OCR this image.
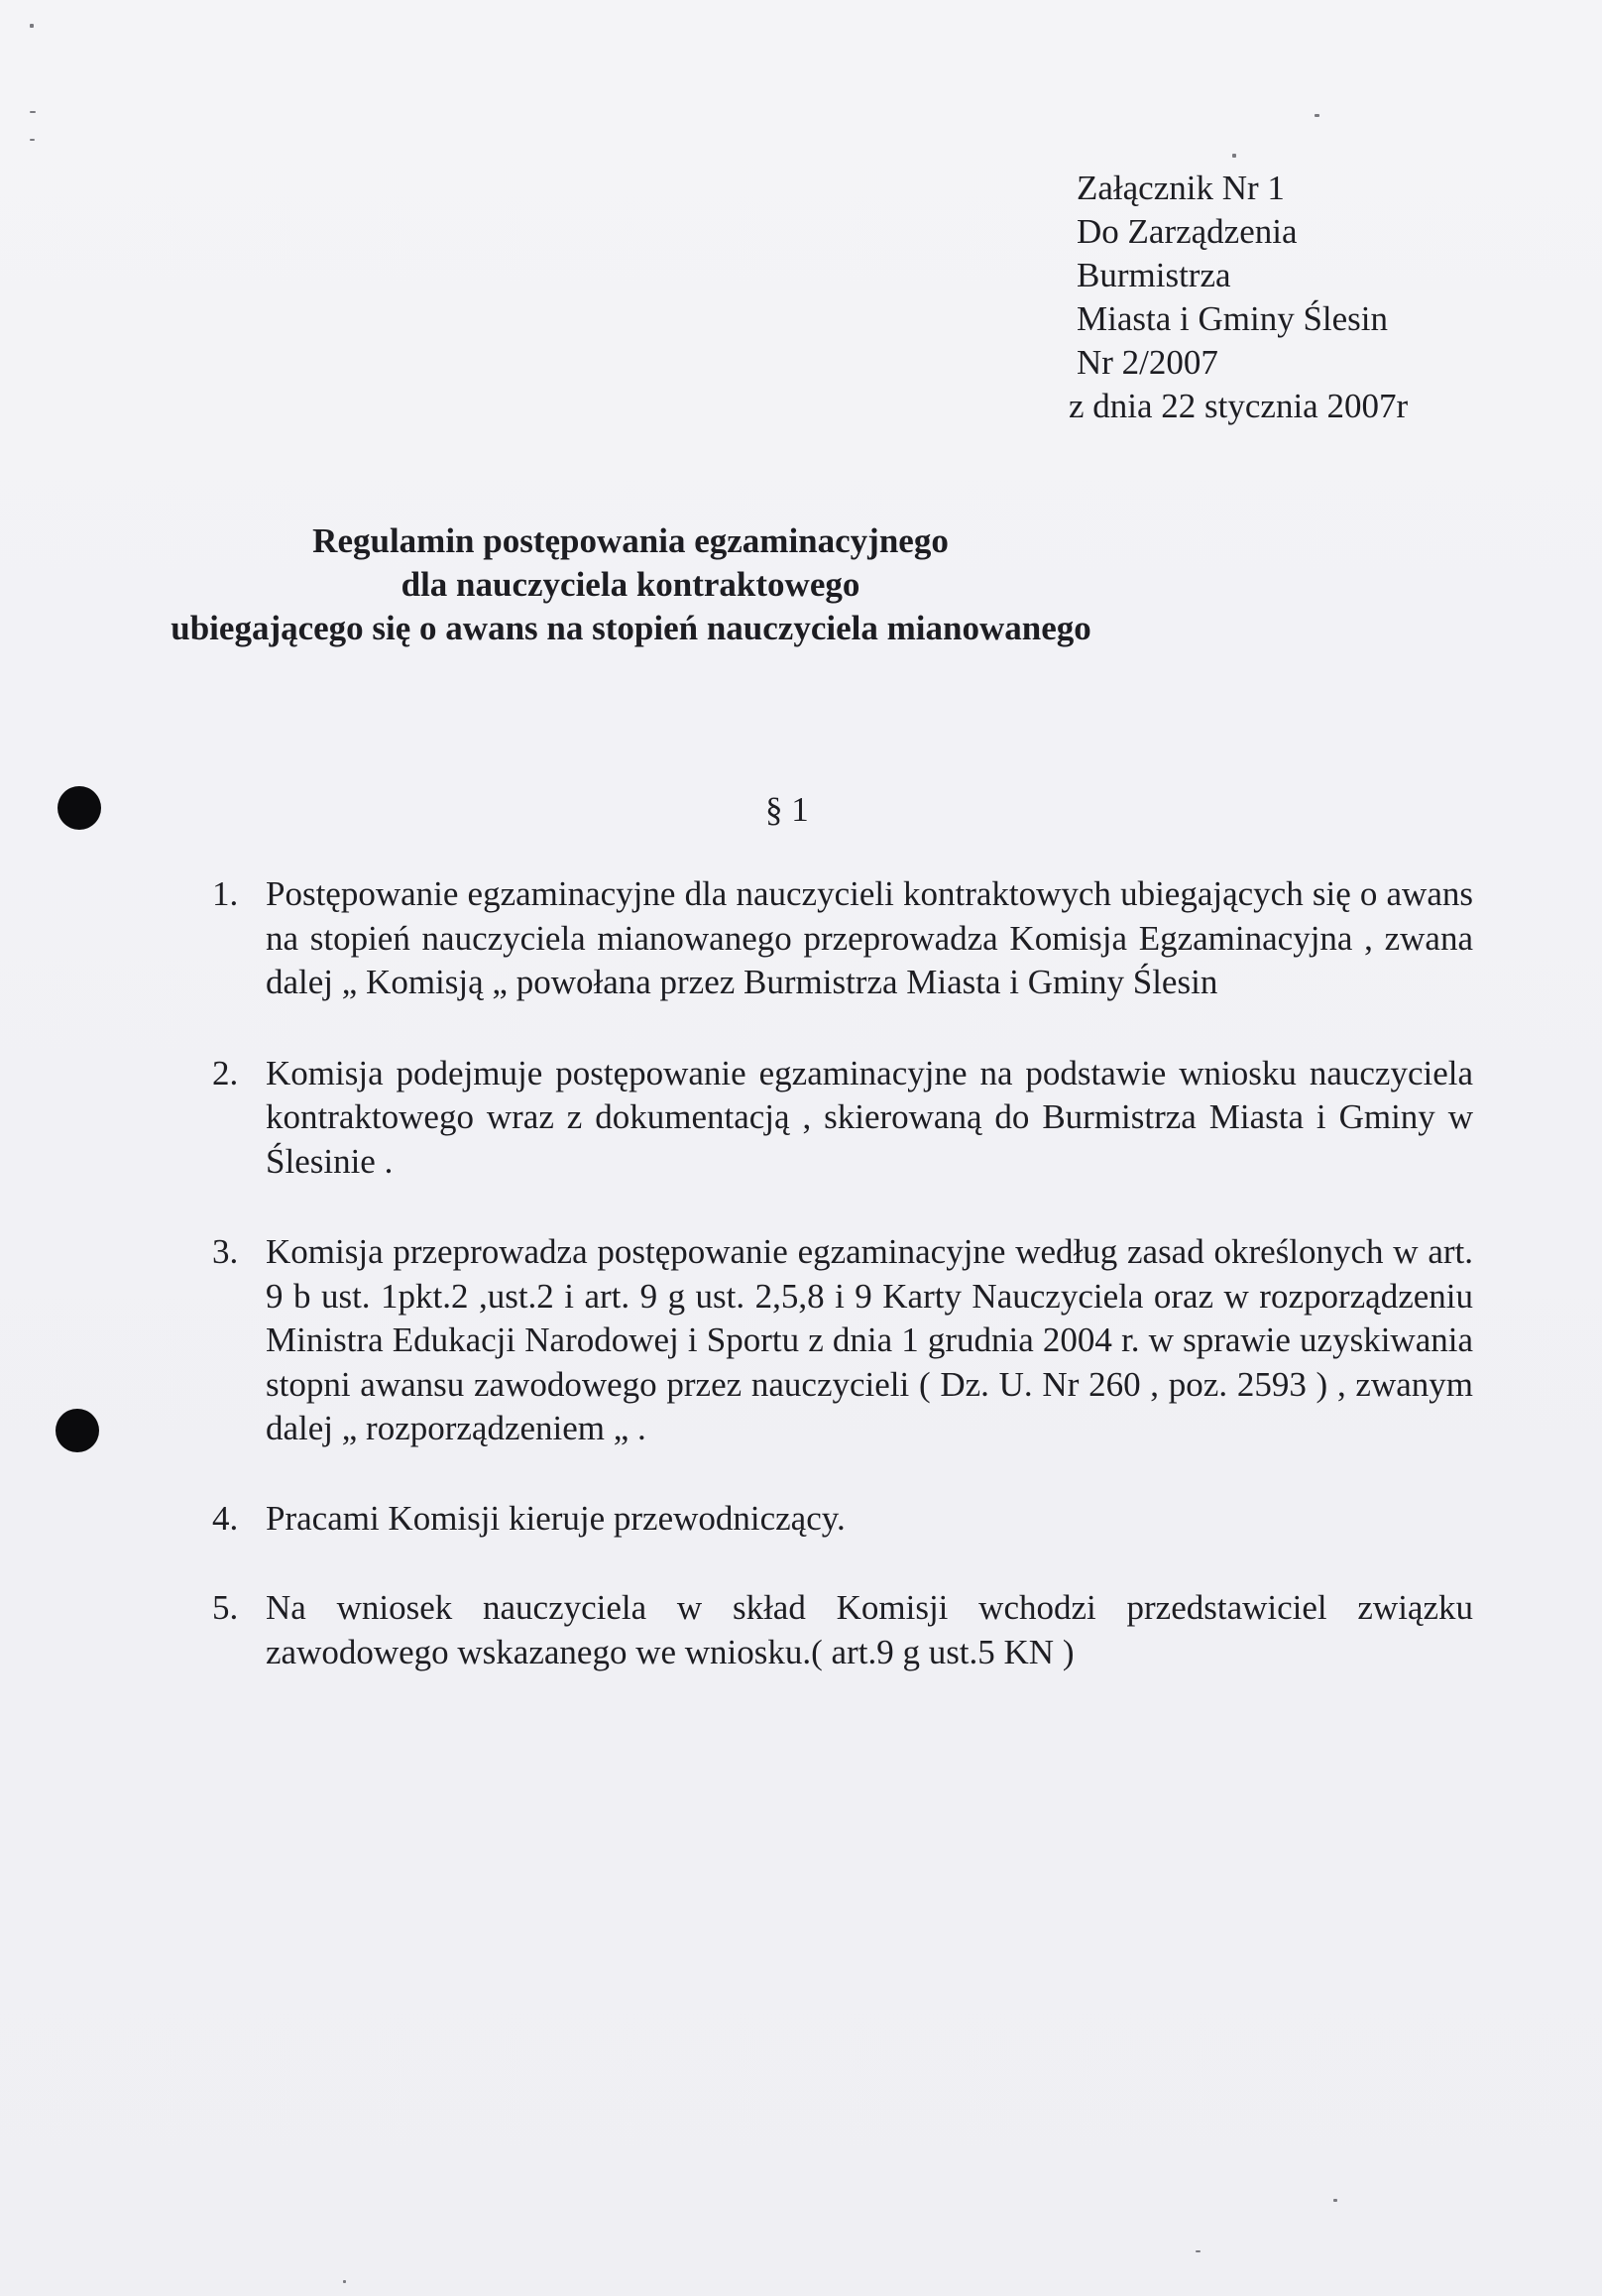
Załącznik Nr 1
Do Zarządzenia
Burmistrza
Miasta i Gminy Ślesin
Nr 2/2007
z dnia 22 stycznia 2007r
Regulamin postępowania egzaminacyjnego
dla nauczyciela kontraktowego
ubiegającego się o awans na stopień nauczyciela mianowanego
§ 1
1. Postępowanie egzaminacyjne dla nauczycieli kontraktowych ubiegających się o awans na stopień nauczyciela mianowanego przeprowadza Komisja Egzaminacyjna , zwana dalej „ Komisją „ powołana przez Burmistrza Miasta i Gminy Ślesin
2. Komisja podejmuje postępowanie egzaminacyjne na podstawie wniosku nauczyciela kontraktowego wraz z dokumentacją , skierowaną do Burmistrza Miasta i Gminy w Ślesinie .
3. Komisja przeprowadza postępowanie egzaminacyjne według zasad określonych w art. 9 b ust. 1pkt.2 ,ust.2 i art. 9 g ust. 2,5,8 i 9 Karty Nauczyciela oraz w rozporządzeniu Ministra Edukacji Narodowej i Sportu z dnia 1 grudnia 2004 r. w sprawie uzyskiwania stopni awansu zawodowego przez nauczycieli ( Dz. U. Nr 260 , poz. 2593 ) , zwanym dalej „ rozporządzeniem „ .
4. Pracami Komisji kieruje przewodniczący.
5. Na wniosek nauczyciela w skład Komisji wchodzi przedstawiciel związku zawodowego wskazanego we wniosku.( art.9 g ust.5 KN )
